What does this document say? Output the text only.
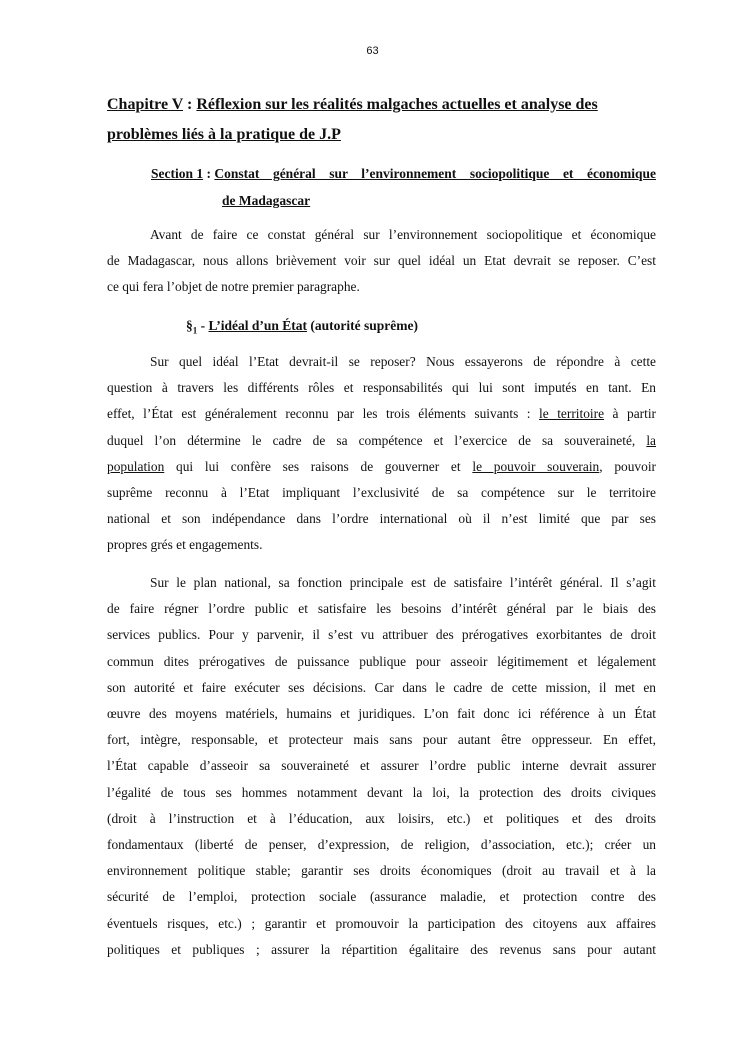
63
Chapitre V : Réflexion sur les réalités malgaches actuelles et analyse des
problèmes liés à la pratique de J.P
Section 1 : Constat général sur l’environnement sociopolitique et économique
de Madagascar
Avant de faire ce constat général sur l’environnement sociopolitique et économique
de Madagascar, nous allons brièvement voir sur quel idéal un Etat devrait se reposer. C’est
ce qui fera l’objet de notre premier paragraphe.
$\S_1$ - L’idéal d’un État (autorité suprême)
Sur quel idéal l’Etat devrait-il se reposer? Nous essayerons de répondre à cette
question à travers les différents rôles et responsabilités qui lui sont imputés en tant. En
effet, l’État est généralement reconnu par les trois éléments suivants : le territoire à partir
duquel l’on détermine le cadre de sa compétence et l’exercice de sa souveraineté, la
population qui lui confère ses raisons de gouverner et le pouvoir souverain, pouvoir
suprême reconnu à l’Etat impliquant l’exclusivité de sa compétence sur le territoire
national et son indépendance dans l’ordre international où il n’est limité que par ses
propres grés et engagements.
Sur le plan national, sa fonction principale est de satisfaire l’intérêt général. Il s’agit
de faire régner l’ordre public et satisfaire les besoins d’intérêt général par le biais des
services publics. Pour y parvenir, il s’est vu attribuer des prérogatives exorbitantes de droit
commun dites prérogatives de puissance publique pour asseoir légitimement et légalement
son autorité et faire exécuter ses décisions. Car dans le cadre de cette mission, il met en
œuvre des moyens matériels, humains et juridiques. L’on fait donc ici référence à un État
fort, intègre, responsable, et protecteur mais sans pour autant être oppresseur. En effet,
l’État capable d’asseoir sa souveraineté et assurer l’ordre public interne devrait assurer
l’égalité de tous ses hommes notamment devant la loi, la protection des droits civiques
(droit à l’instruction et à l’éducation, aux loisirs, etc.) et politiques et des droits
fondamentaux (liberté de penser, d’expression, de religion, d’association, etc.); créer un
environnement politique stable; garantir ses droits économiques (droit au travail et à la
sécurité de l’emploi, protection sociale (assurance maladie, et protection contre des
éventuels risques, etc.) ; garantir et promouvoir la participation des citoyens aux affaires
politiques et publiques ; assurer la répartition égalitaire des revenus sans pour autant
